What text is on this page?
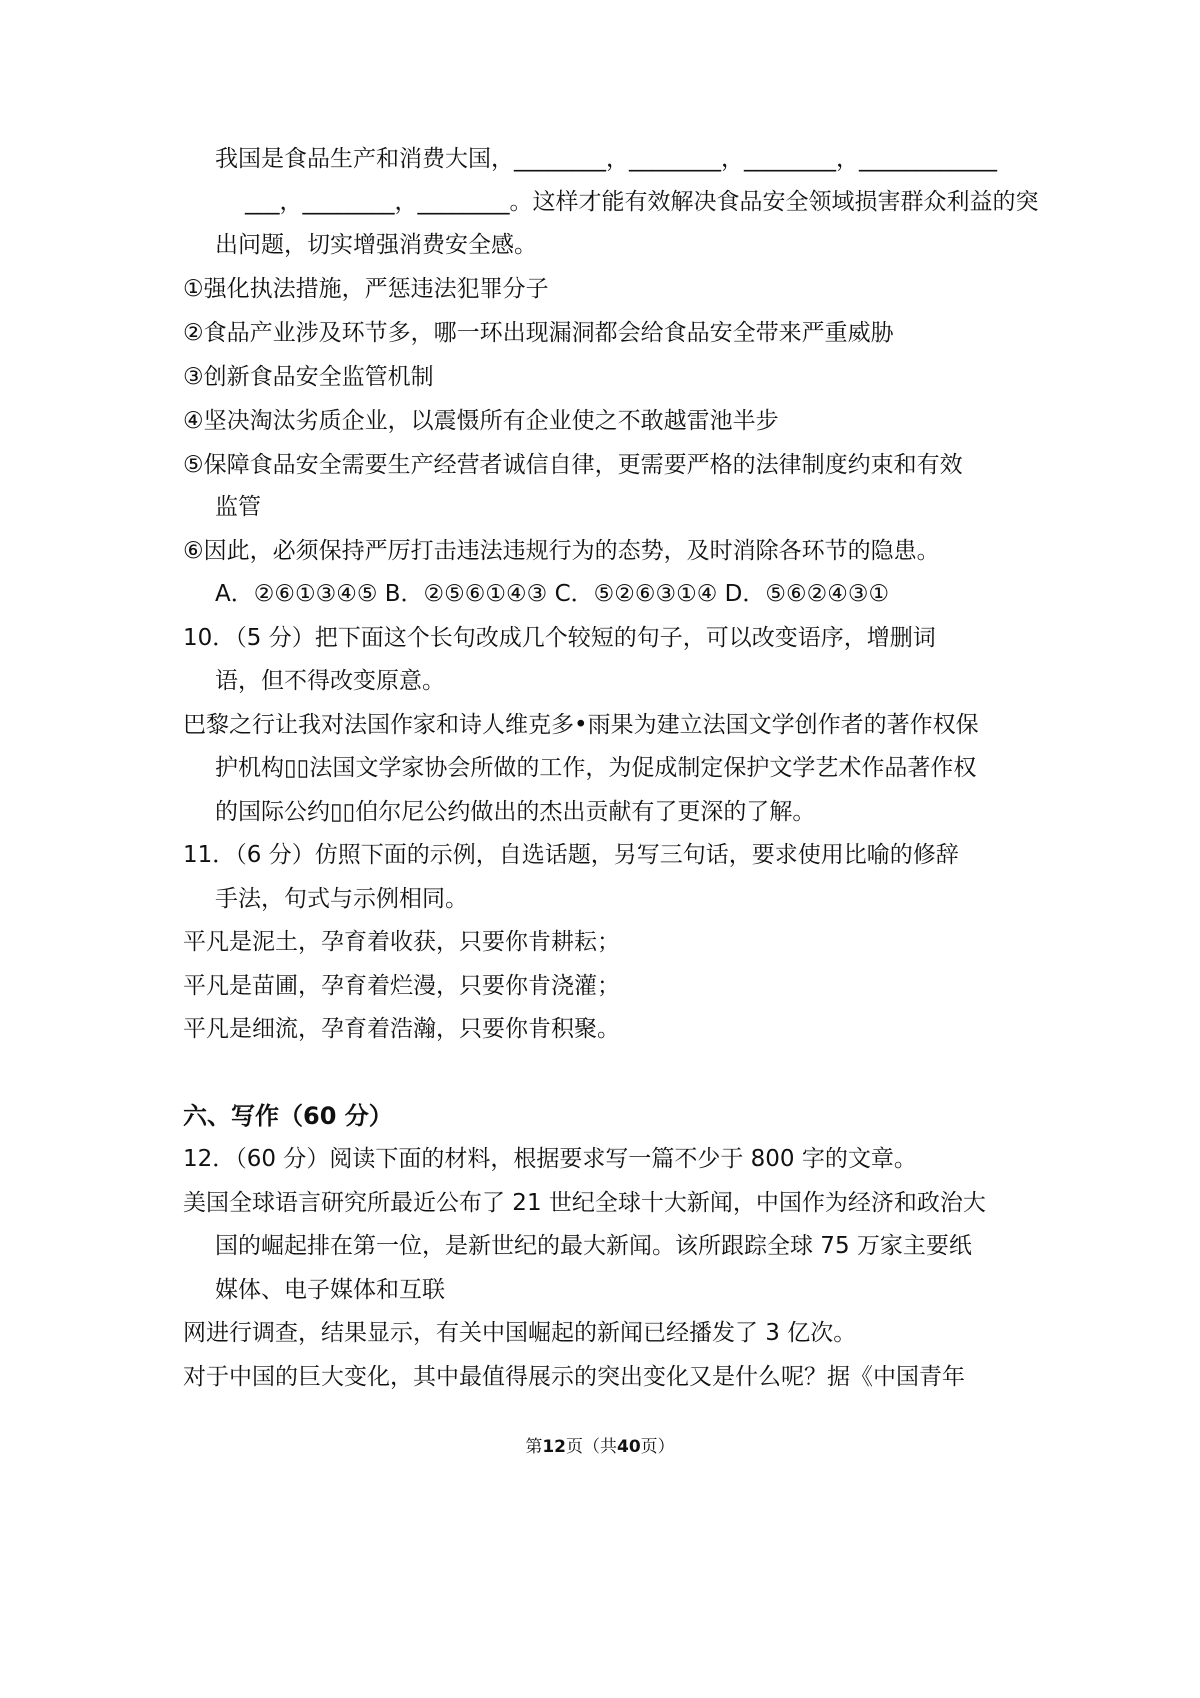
我国是食品生产和消费大国，________，________，________，____________
___，________，________。这样才能有效解决食品安全领域损害群众利益的突
出问题，切实增强消费安全感。
①强化执法措施，严惩违法犯罪分子
②食品产业涉及环节多，哪一环出现漏洞都会给食品安全带来严重威胁
③创新食品安全监管机制
④坚决淘汰劣质企业，以震慑所有企业使之不敢越雷池半步
⑤保障食品安全需要生产经营者诚信自律，更需要严格的法律制度约束和有效
监管
⑥因此，必须保持严厉打击违法违规行为的态势，及时消除各环节的隐患。
A．②⑥①③④⑤ B．②⑤⑥①④③ C．⑤②⑥③①④ D．⑤⑥②④③①
10．（5 分）把下面这个长句改成几个较短的句子，可以改变语序，增删词
语，但不得改变原意。
巴黎之行让我对法国作家和诗人维克多•雨果为建立法国文学创作者的著作权保
护机构▯▯法国文学家协会所做的工作，为促成制定保护文学艺术作品著作权
的国际公约▯▯伯尔尼公约做出的杰出贡献有了更深的了解。
11．（6 分）仿照下面的示例，自选话题，另写三句话，要求使用比喻的修辞
手法，句式与示例相同。
平凡是泥土，孕育着收获，只要你肯耕耘；
平凡是苗圃，孕育着烂漫，只要你肯浇灌；
平凡是细流，孕育着浩瀚，只要你肯积聚。
六、写作（60 分）
12．（60 分）阅读下面的材料，根据要求写一篇不少于 800 字的文章。
美国全球语言研究所最近公布了 21 世纪全球十大新闻，中国作为经济和政治大
国的崛起排在第一位，是新世纪的最大新闻。该所跟踪全球 75 万家主要纸
媒体、电子媒体和互联
网进行调查，结果显示，有关中国崛起的新闻已经播发了 3 亿次。
对于中国的巨大变化，其中最值得展示的突出变化又是什么呢？据《中国青年
第12页（共40页）
